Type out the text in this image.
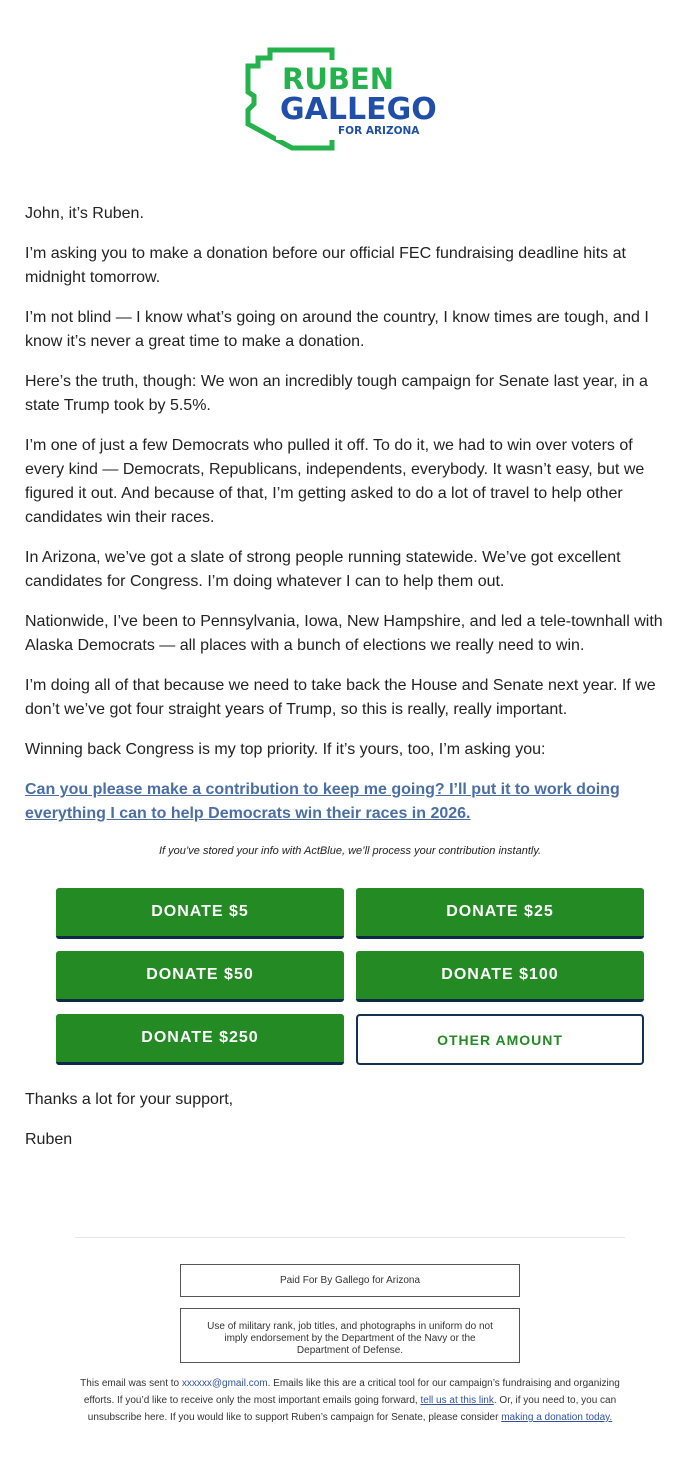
RUBEN
GALLEGO
FOR ARIZONA

John, it’s Ruben.

I’m asking you to make a donation before our official FEC fundraising deadline hits at midnight tomorrow.

I’m not blind — I know what’s going on around the country, I know times are tough, and I know it’s never a great time to make a donation.

Here’s the truth, though: We won an incredibly tough campaign for Senate last year, in a state Trump took by 5.5%.

I’m one of just a few Democrats who pulled it off. To do it, we had to win over voters of every kind — Democrats, Republicans, independents, everybody. It wasn’t easy, but we figured it out. And because of that, I’m getting asked to do a lot of travel to help other candidates win their races.

In Arizona, we’ve got a slate of strong people running statewide. We’ve got excellent candidates for Congress. I’m doing whatever I can to help them out.

Nationwide, I’ve been to Pennsylvania, Iowa, New Hampshire, and led a tele-townhall with Alaska Democrats — all places with a bunch of elections we really need to win.

I’m doing all of that because we need to take back the House and Senate next year. If we don’t we’ve got four straight years of Trump, so this is really, really important.

Winning back Congress is my top priority. If it’s yours, too, I’m asking you:

Can you please make a contribution to keep me going? I’ll put it to work doing everything I can to help Democrats win their races in 2026.
If you’ve stored your info with ActBlue, we’ll process your contribution instantly.
DONATE $5	DONATE $25
DONATE $50	DONATE $100
DONATE $250	OTHER AMOUNT

Thanks a lot for your support,

Ruben

Paid For By Gallego for Arizona
Use of military rank, job titles, and photographs in uniform do not imply endorsement by the Department of the Navy or the Department of Defense.
This email was sent to xxxxxx@gmail.com. Emails like this are a critical tool for our campaign’s fundraising and organizing efforts. If you’d like to receive only the most important emails going forward, tell us at this link. Or, if you need to, you can unsubscribe here. If you would like to support Ruben’s campaign for Senate, please consider making a donation today.
